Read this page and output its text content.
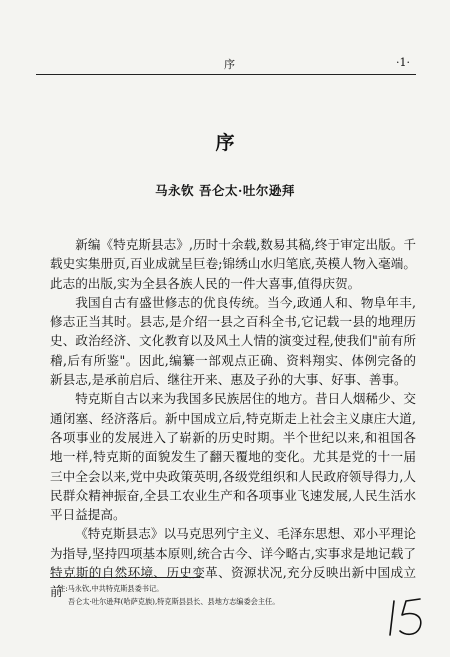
序	·1·
序
马永钦 吾仑太·吐尔逊拜

新编《特克斯县志》,历时十余载,数易其稿,终于审定出版。千载史实集册页,百业成就呈巨卷;锦绣山水归笔底,英模人物入毫端。此志的出版,实为全县各族人民的一件大喜事,值得庆贺。

我国自古有盛世修志的优良传统。当今,政通人和、物阜年丰,修志正当其时。县志,是介绍一县之百科全书,它记载一县的地理历史、政治经济、文化教育以及风土人情的演变过程,使我们"前有所稽,后有所鉴"。因此,编纂一部观点正确、资料翔实、体例完备的新县志,是承前启后、继往开来、惠及子孙的大事、好事、善事。

特克斯自古以来为我国多民族居住的地方。昔日人烟稀少、交通闭塞、经济落后。新中国成立后,特克斯走上社会主义康庄大道,各项事业的发展进入了崭新的历史时期。半个世纪以来,和祖国各地一样,特克斯的面貌发生了翻天覆地的变化。尤其是党的十一届三中全会以来,党中央政策英明,各级党组织和人民政府领导得力,人民群众精神振奋,全县工农业生产和各项事业飞速发展,人民生活水平日益提高。

《特克斯县志》以马克思列宁主义、毛泽东思想、邓小平理论为指导,坚持四项基本原则,统合古今、详今略古,实事求是地记载了特克斯的自然环境、历史变革、资源状况,充分反映出新中国成立前

注:马永钦,中共特克斯县委书记。
吾仑太·吐尔逊拜(哈萨克族),特克斯县县长、县地方志编委会主任。
